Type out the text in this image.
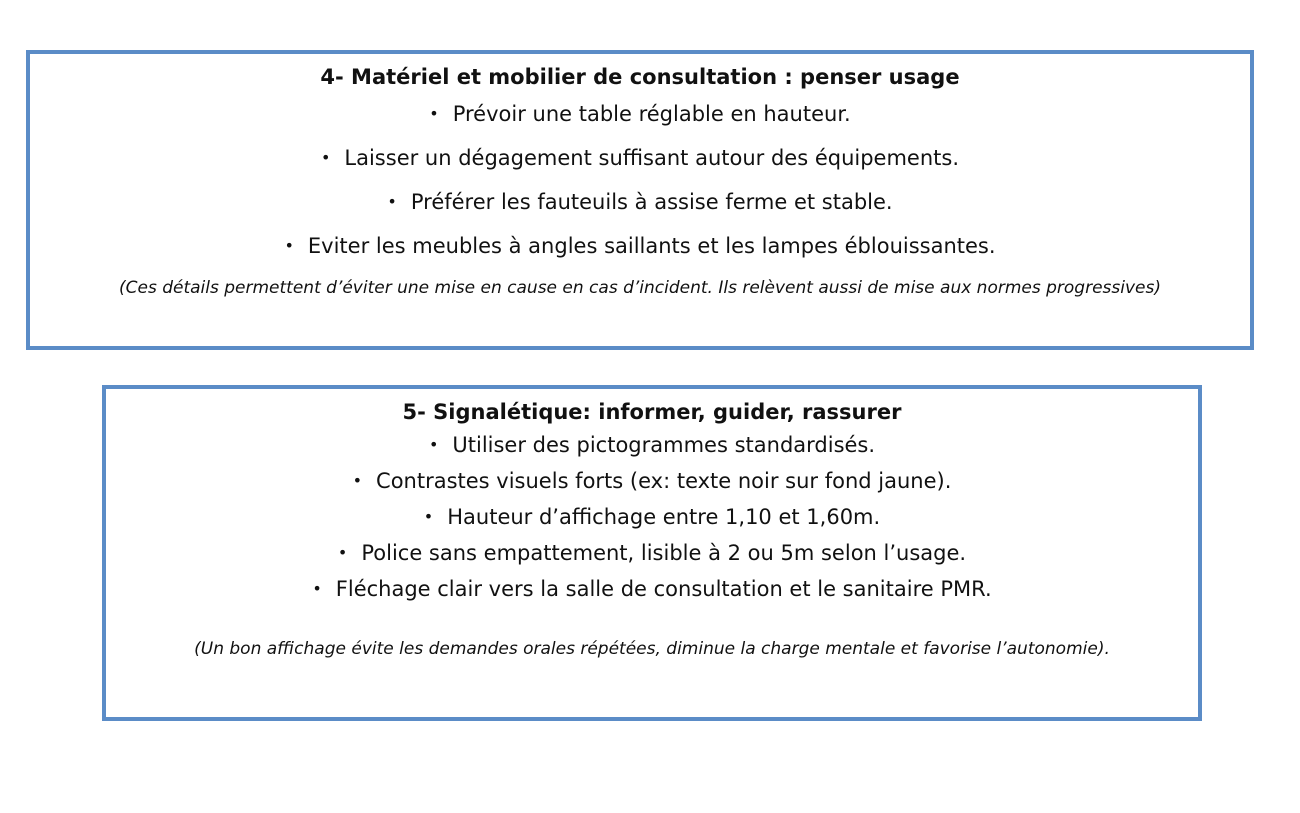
4- Matériel et mobilier de consultation : penser usage

• Prévoir une table réglable en hauteur.
• Laisser un dégagement suffisant autour des équipements.
• Préférer les fauteuils à assise ferme et stable.
• Eviter les meubles à angles saillants et les lampes éblouissantes.

(Ces détails permettent d’éviter une mise en cause en cas d’incident. Ils relèvent aussi de mise aux normes progressives)

5- Signalétique: informer, guider, rassurer

• Utiliser des pictogrammes standardisés.
• Contrastes visuels forts (ex: texte noir sur fond jaune).
• Hauteur d’affichage entre 1,10 et 1,60m.
• Police sans empattement, lisible à 2 ou 5m selon l’usage.
• Fléchage clair vers la salle de consultation et le sanitaire PMR.

(Un bon affichage évite les demandes orales répétées, diminue la charge mentale et favorise l’autonomie).
